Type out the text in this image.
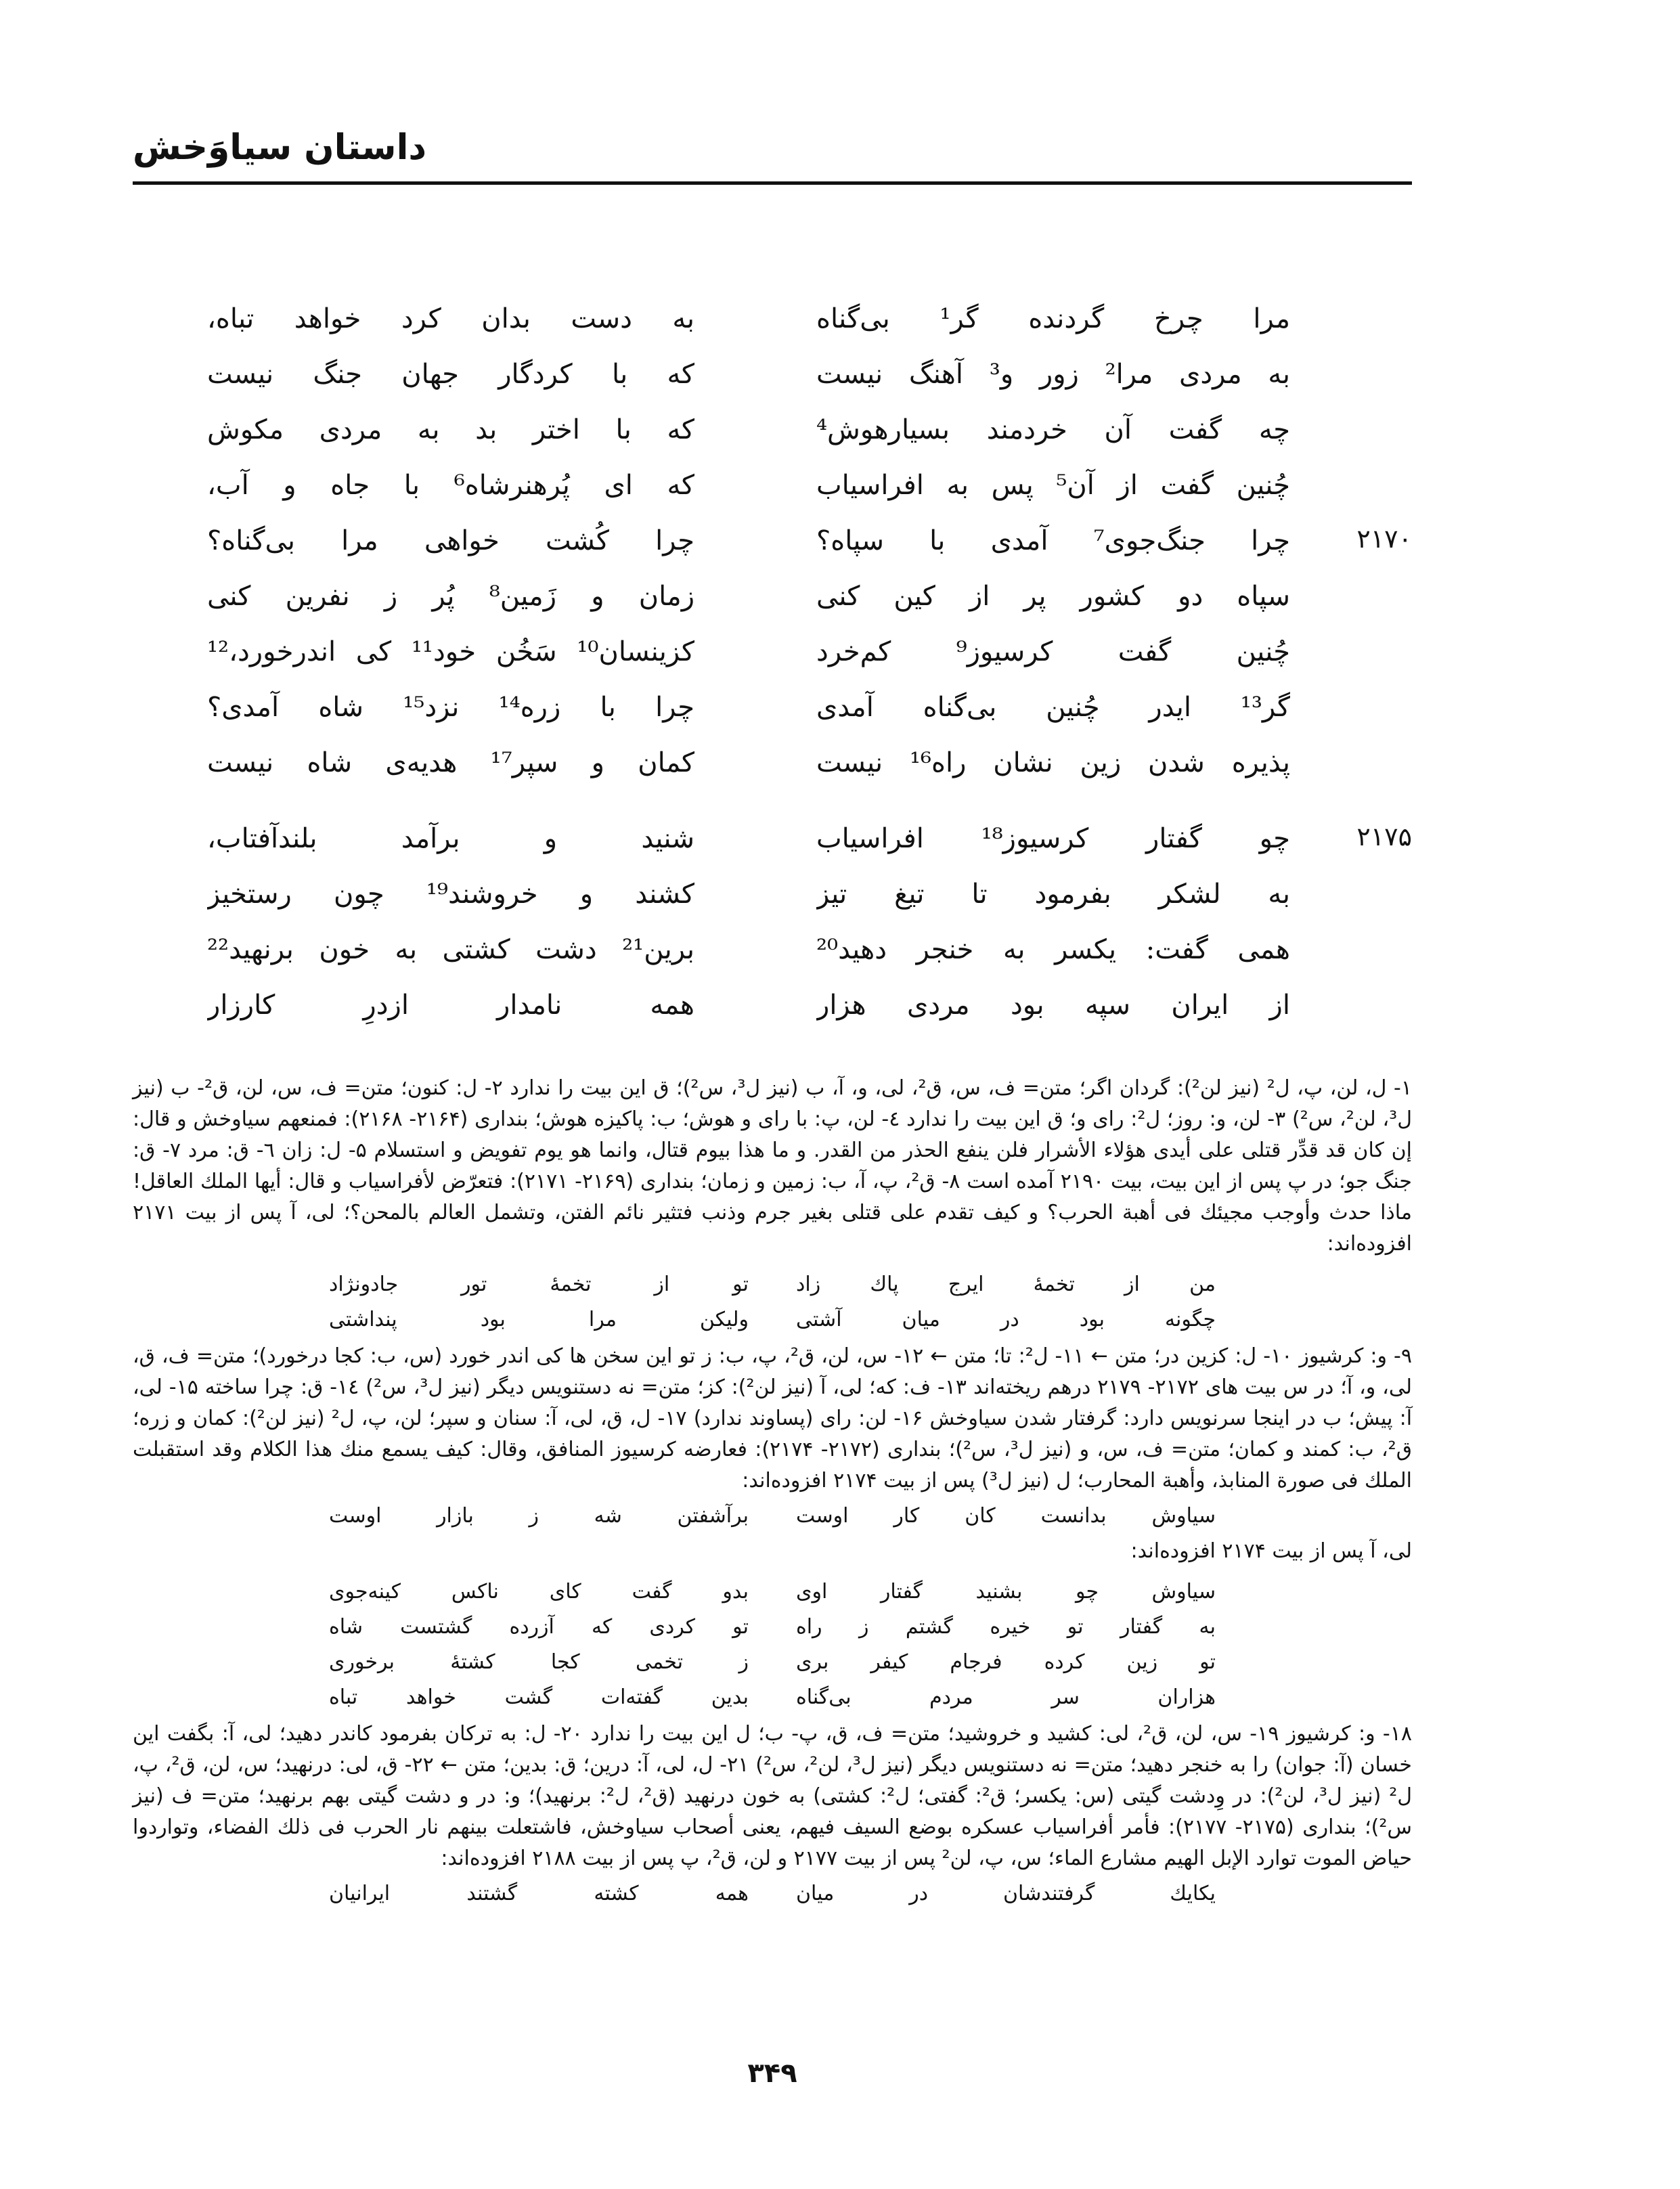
داستان سیاوَخش
مرا چرخ گردنده گر¹ بی‌گناه
به دست بدان کرد خواهد تباه،
به مردی مرا² زور و³ آهنگ نیست
که با کردگار جهان جنگ نیست
چه گفت آن خردمند بسیارهوش⁴
که با اختر بد به مردی مکوش
چُنین گفت از آن⁵ پس به افراسیاب
که ای پُرهنرشاه⁶ با جاه و آب،
۲۱۷۰
چرا جنگ‌جوی⁷ آمدی با سپاه؟
چرا کُشت خواهی مرا بی‌گناه؟
سپاه دو کشور پر از کین کنی
زمان و زَمین⁸ پُر ز نفرین کنی
چُنین گفت کرسیوز⁹ کم‌خرد
کزینسان¹⁰ سَخُن خود¹¹ کی اندرخورد،¹²
گر¹³ ایدر چُنین بی‌گناه آمدی
چرا با زره¹⁴ نزد¹⁵ شاه آمدی؟
پذیره شدن زین نشان راه¹⁶ نیست
کمان و سپر¹⁷ هدیه‌ی شاه نیست
۲۱۷۵
چو گفتار کرسیوز¹⁸ افراسیاب
شنید و برآمد بلندآفتاب،
به لشکر بفرمود تا تیغ تیز
کشند و خروشند¹⁹ چون رستخیز
همی گفت: یکسر به خنجر دهید²⁰
برین²¹ دشت کشتی به خون برنهید²²
از ایران سپه بود مردی هزار
همه نامدار ازدرِ کارزار

۱- ل، لن، پ، ل² (نیز لن²): گردان اگر؛ متن= ف، س، ق²، لی، و، آ، ب (نیز ل³، س²)؛ ق این بیت را ندارد ۲- ل: کنون؛ متن= ف، س، لن، ق²- ب (نیز ل³، لن²، س²) ۳- لن، و: روز؛ ل²: رای و؛ ق این بیت را ندارد ٤- لن، پ: با رای و هوش؛ ب: پاکیزه هوش؛ بنداری (۲۱۶۴- ۲۱۶۸): فمنعهم سیاوخش و قال: إن كان قد قدِّر قتلی علی أیدی هؤلاء الأشرار فلن ینفع الحذر من القدر. و ما هذا بیوم قتال، وانما هو یوم تفویض و استسلام ۵- ل: زان ٦- ق: مرد ۷- ق: جنگ جو؛ در پ پس از این بیت، بیت ۲۱۹۰ آمده است ۸- ق²، پ، آ، ب: زمین و زمان؛ بنداری (۲۱۶۹- ۲۱۷۱): فتعرّض لأفراسیاب و قال: أیها الملك العاقل! ماذا حدث وأوجب مجیئك فی أهبة الحرب؟ و كیف تقدم علی قتلی بغیر جرم وذنب فتثیر نائم الفتن، وتشمل العالم بالمحن؟؛ لی، آ پس از بیت ۲۱۷۱ افزوده‌اند:

من از تخمهٔ ایرج پاك زاد
تو از تخمهٔ تور جادونژاد
چگونه بود در میان آشتی
ولیکن مرا بود پنداشتی

۹- و: کرشیوز ۱۰- ل: کزین در؛ متن ← ۱۱- ل²: تا؛ متن ← ۱۲- س، لن، ق²، پ، ب: ز تو این سخن ها کی اندر خورد (س، ب: کجا درخورد)؛ متن= ف، ق، لی، و، آ؛ در س بیت های ۲۱۷۲- ۲۱۷۹ درهم ریخته‌اند ۱۳- ف: که؛ لی، آ (نیز لن²): کز؛ متن= نه دستنویس دیگر (نیز ل³، س²) ١٤- ق: چرا ساخته ۱۵- لی، آ: پیش؛ ب در اینجا سرنویس دارد: گرفتار شدن سیاوخش ۱۶- لن: رای (پساوند ندارد) ۱۷- ل، ق، لی، آ: سنان و سپر؛ لن، پ، ل² (نیز لن²): کمان و زره؛ ق²، ب: کمند و کمان؛ متن= ف، س، و (نیز ل³، س²)؛ بنداری (۲۱۷۲- ۲۱۷۴): فعارضه کرسیوز المنافق، وقال: کیف یسمع منك هذا الكلام وقد استقبلت الملك فی صورة المنابذ، وأهبة المحارب؛ ل (نیز ل³) پس از بیت ۲۱۷۴ افزوده‌اند:

سیاوش بدانست کان کار اوست
برآشفتن شه ز بازار اوست

لی، آ پس از بیت ۲۱۷۴ افزوده‌اند:

سیاوش چو بشنید گفتار اوی
بدو گفت کای ناکس کینه‌جوی
به گفتار تو خیره گشتم ز راه
تو کردی که آزرده گشتست شاه
تو زین کرده فرجام کیفر بری
ز تخمی کجا کشتهٔ برخوری
هزاران سر مردم بی‌گناه
بدین گفته‌ات گشت خواهد تباه

۱۸- و: کرشیوز ۱۹- س، لن، ق²، لی: کشید و خروشید؛ متن= ف، ق، پ- ب؛ ل این بیت را ندارد ۲۰- ل: به ترکان بفرمود کاندر دهید؛ لی، آ: بگفت این خسان (آ: جوان) را به خنجر دهید؛ متن= نه دستنویس دیگر (نیز ل³، لن²، س²) ۲۱- ل، لی، آ: درین؛ ق: بدین؛ متن ← ۲۲- ق، لی: درنهید؛ س، لن، ق²، پ، ل² (نیز ل³، لن²): در وِدشت گیتی (س: یکسر؛ ق²: گفتی؛ ل²: کشتی) به خون درنهید (ق²، ل²: برنهید)؛ و: در و دشت گیتی بهم برنهید؛ متن= ف (نیز س²)؛ بنداری (۲۱۷۵- ۲۱۷۷): فأمر أفراسیاب عسکره بوضع السیف فیهم، یعنی أصحاب سیاوخش، فاشتعلت بینهم نار الحرب فی ذلك الفضاء، وتواردوا حیاض الموت توارد الإبل الهیم مشارع الماء؛ س، پ، لن² پس از بیت ۲۱۷۷ و لن، ق²، پ پس از بیت ۲۱۸۸ افزوده‌اند:

یکایك گرفتندشان در میان
همه کشته گشتند ایرانیان
۳۴۹
